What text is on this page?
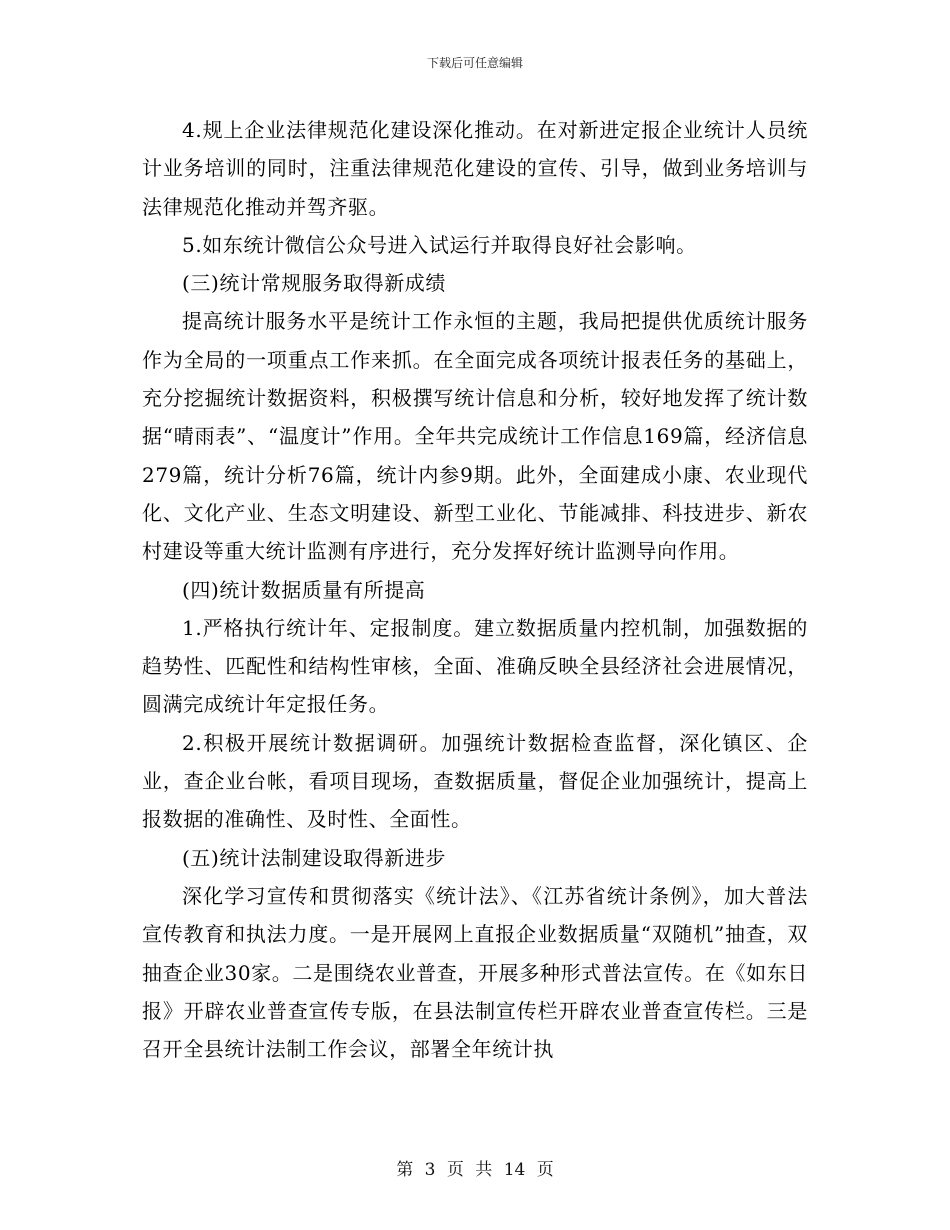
下载后可任意编辑

4.规上企业法律规范化建设深化推动。在对新进定报企业统计人员统计业务培训的同时，注重法律规范化建设的宣传、引导，做到业务培训与法律规范化推动并驾齐驱。

5.如东统计微信公众号进入试运行并取得良好社会影响。

(三)统计常规服务取得新成绩

提高统计服务水平是统计工作永恒的主题，我局把提供优质统计服务作为全局的一项重点工作来抓。在全面完成各项统计报表任务的基础上，充分挖掘统计数据资料，积极撰写统计信息和分析，较好地发挥了统计数据“晴雨表”、“温度计”作用。全年共完成统计工作信息169篇，经济信息279篇，统计分析76篇，统计内参9期。此外，全面建成小康、农业现代化、文化产业、生态文明建设、新型工业化、节能减排、科技进步、新农村建设等重大统计监测有序进行，充分发挥好统计监测导向作用。

(四)统计数据质量有所提高

1.严格执行统计年、定报制度。建立数据质量内控机制，加强数据的趋势性、匹配性和结构性审核，全面、准确反映全县经济社会进展情况，圆满完成统计年定报任务。

2.积极开展统计数据调研。加强统计数据检查监督，深化镇区、企业，查企业台帐，看项目现场，查数据质量，督促企业加强统计，提高上报数据的准确性、及时性、全面性。

(五)统计法制建设取得新进步

深化学习宣传和贯彻落实《统计法》、《江苏省统计条例》，加大普法宣传教育和执法力度。一是开展网上直报企业数据质量“双随机”抽查，双抽查企业30家。二是围绕农业普查，开展多种形式普法宣传。在《如东日报》开辟农业普查宣传专版，在县法制宣传栏开辟农业普查宣传栏。三是召开全县统计法制工作会议，部署全年统计执

第 3 页 共 14 页
